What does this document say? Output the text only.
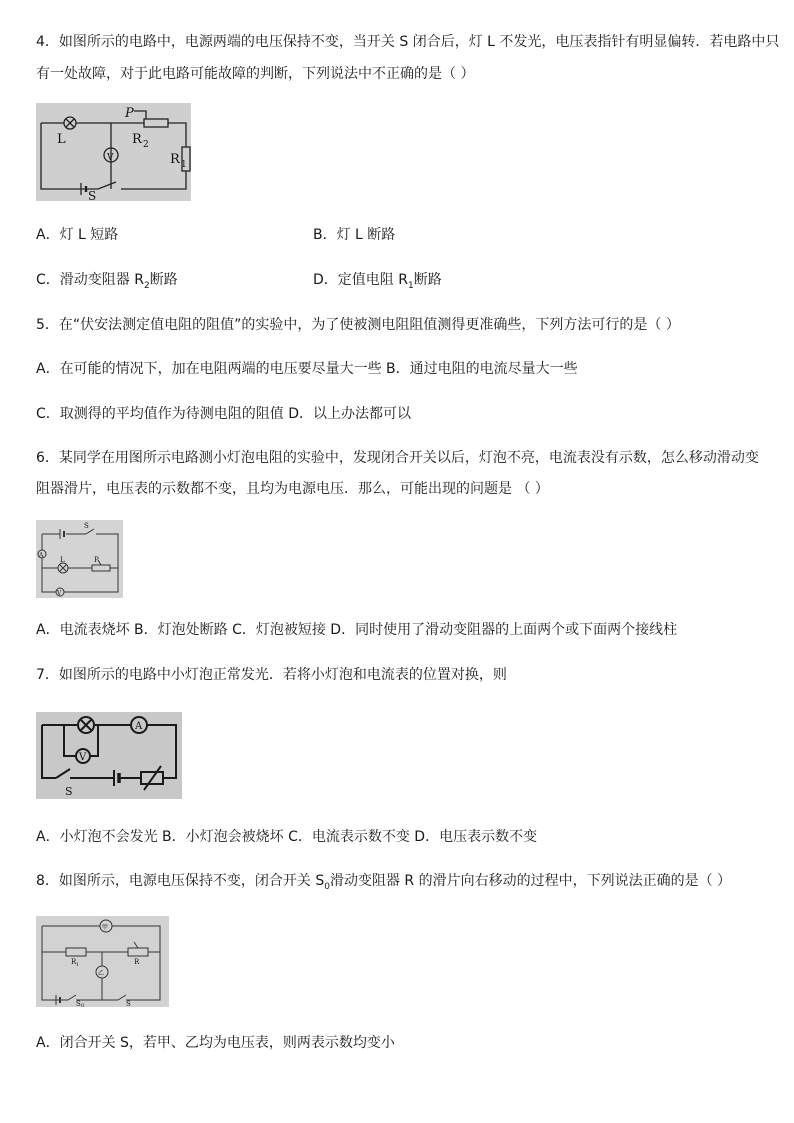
4．如图所示的电路中，电源两端的电压保持不变，当开关 S 闭合后，灯 L 不发光，电压表指针有明显偏转．若电路中只
有一处故障，对于此电路可能故障的判断，下列说法中不正确的是（ ）
L
V
P
R 2
R 1
S
A．灯 L 短路	B．灯 L 断路
C．滑动变阻器 $R_2$断路	D．定值电阻 $R_1$断路
5．在“伏安法测定值电阻的阻值”的实验中，为了使被测电阻阻值测得更准确些，下列方法可行的是（ ）
A．在可能的情况下，加在电阻两端的电压要尽量大一些 B．通过电阻的电流尽量大一些
C．取测得的平均值作为待测电阻的阻值 D．以上办法都可以
6．某同学在用图所示电路测小灯泡电阻的实验中，发现闭合开关以后，灯泡不亮，电流表没有示数，怎么移动滑动变
阻器滑片，电压表的示数都不变，且均为电源电压．那么，可能出现的问题是 （ ）
S
A
L	P
V
A．电流表烧坏 B．灯泡处断路 C．灯泡被短接 D．同时使用了滑动变阻器的上面两个或下面两个接线柱
7．如图所示的电路中小灯泡正常发光．若将小灯泡和电流表的位置对换，则
A
V
S
A．小灯泡不会发光 B．小灯泡会被烧坏 C．电流表示数不变 D．电压表示数不变
8．如图所示，电源电压保持不变，闭合开关 $S_0$滑动变阻器 R 的滑片向右移动的过程中，下列说法正确的是（ ）
甲
R 1	R
乙
S 0	S
A．闭合开关 S，若甲、乙均为电压表，则两表示数均变小
